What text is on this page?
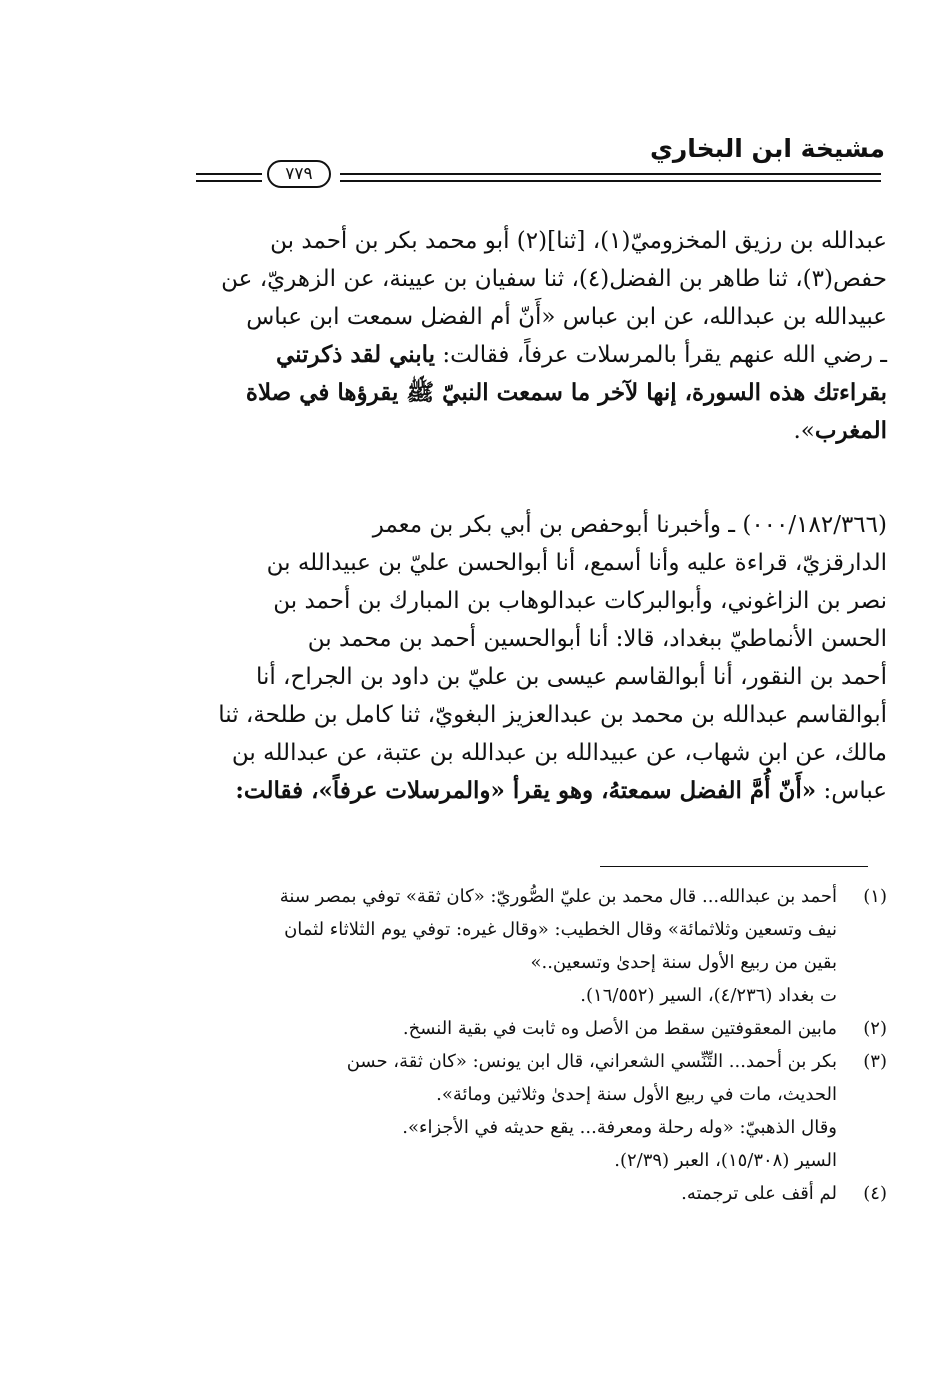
مشيخة ابن البخاري
٧٧٩
عبدالله بن رزيق المخزوميّ(١)، [ثنا](٢) أبو محمد بكر بن أحمد بن
حفص(٣)، ثنا طاهر بن الفضل(٤)، ثنا سفيان بن عيينة، عن الزهريّ، عن
عبيدالله بن عبدالله، عن ابن عباس «أَنّ أم الفضل سمعت ابن عباس
ـ رضي الله عنهم يقرأ بالمرسلات عرفاً، فقالت: يابني لقد ذكرتني
بقراءتك هذه السورة، إنها لآخر ما سمعت النبيّ ﷺ يقرؤها في صلاة
المغرب».
(٠٠٠/١٨٢/٣٦٦) ـ وأخبرنا أبوحفص بن أبي بكر بن معمر
الدارقزيّ، قراءة عليه وأنا أسمع، أنا أبوالحسن عليّ بن عبيدالله بن
نصر بن الزاغوني، وأبوالبركات عبدالوهاب بن المبارك بن أحمد بن
الحسن الأنماطيّ ببغداد، قالا: أنا أبوالحسين أحمد بن محمد بن
أحمد بن النقور، أنا أبوالقاسم عيسى بن عليّ بن داود بن الجراح، أنا
أبوالقاسم عبدالله بن محمد بن عبدالعزيز البغويّ، ثنا كامل بن طلحة، ثنا
مالك، عن ابن شهاب، عن عبيدالله بن عبدالله بن عتبة، عن عبدالله بن
عباس: «أَنّ أُمَّ الفضل سمعتهُ، وهو يقرأ «والمرسلات عرفاً»، فقالت:
(١)
أحمد بن عبدالله... قال محمد بن عليّ الصُّوريّ: «كان ثقة» توفي بمصر سنة
نيف وتسعين وثلاثمائة» وقال الخطيب: «وقال غيره: توفي يوم الثلاثاء لثمان
بقين من ربيع الأول سنة إحدىٰ وتسعين..»
ت بغداد (٤/٢٣٦)، السير (١٦/٥٥٢).
(٢)
مابين المعقوفتين سقط من الأصل وه ثابت في بقية النسخ.
(٣)
بكر بن أحمد... التِّنِّسي الشعراني، قال ابن يونس: «كان ثقة، حسن
الحديث، مات في ربيع الأول سنة إحدىٰ وثلاثين ومائة».
وقال الذهبيّ: «وله رحلة ومعرفة... يقع حديثه في الأجزاء».
السير (١٥/٣٠٨)، العبر (٢/٣٩).
(٤)
لم أقف على ترجمته.
